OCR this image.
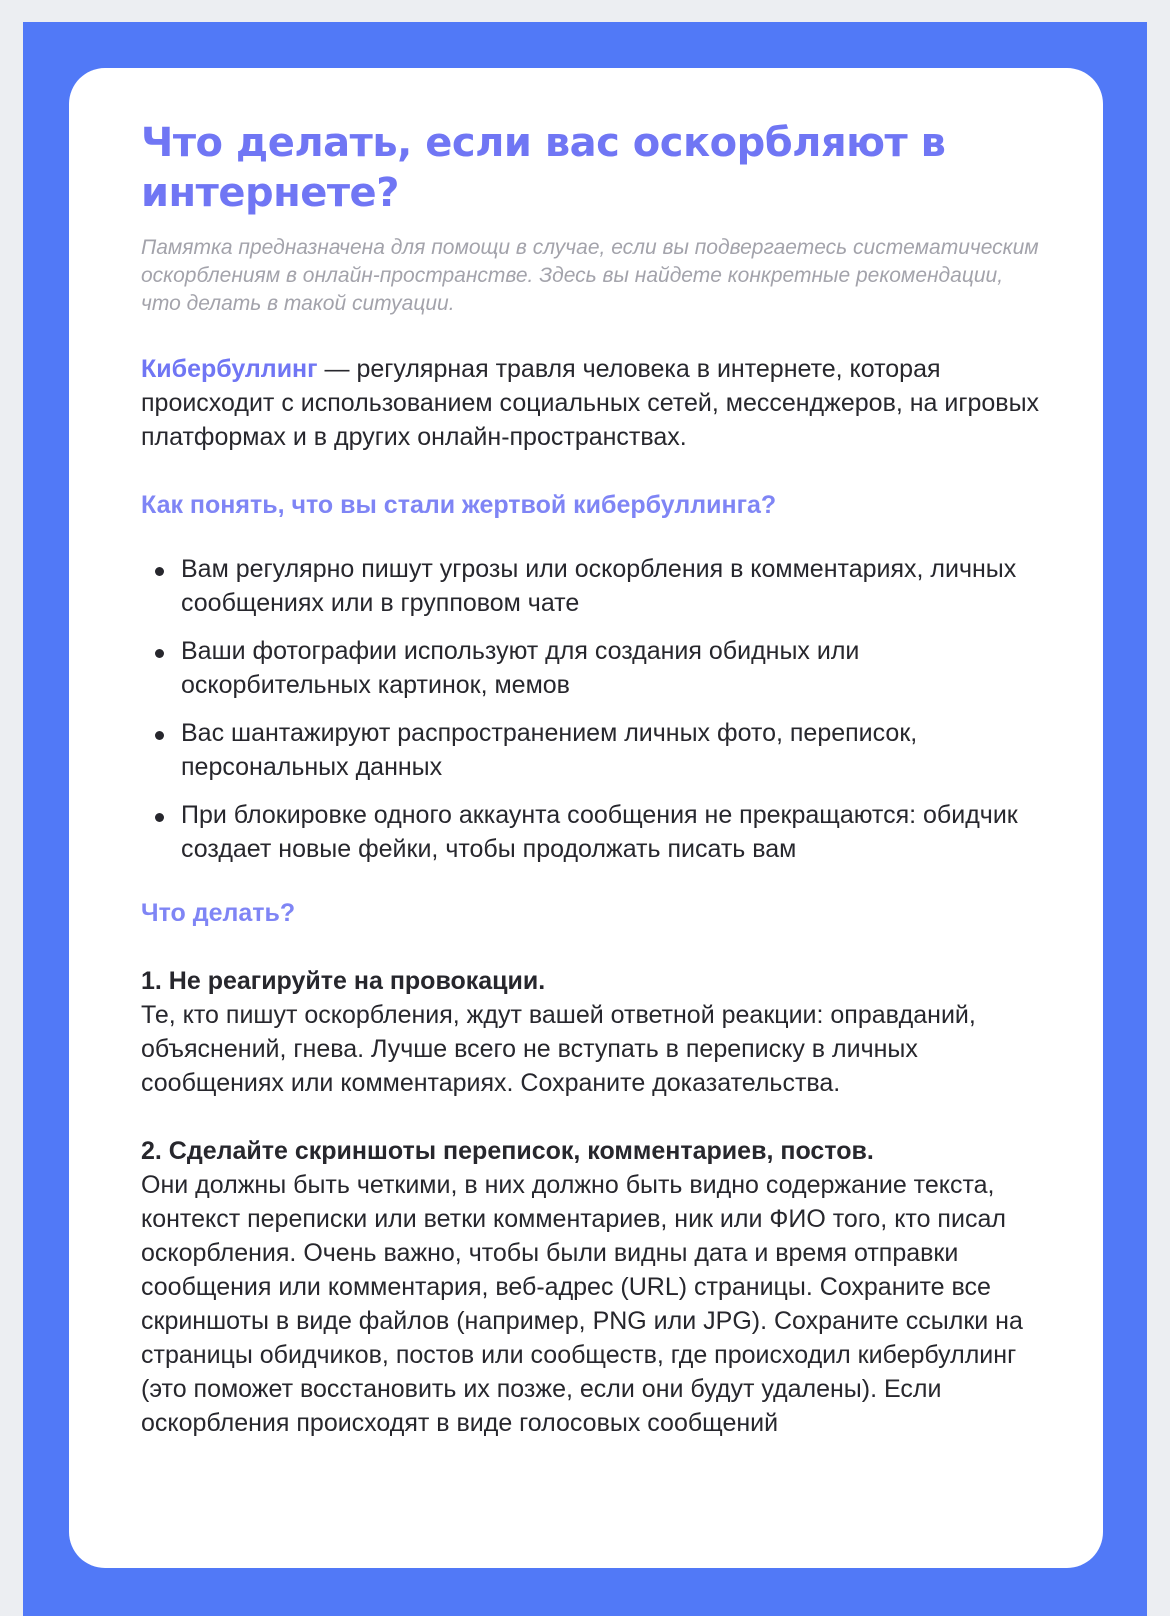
Что делать, если вас оскорбляют в интернете?

Памятка предназначена для помощи в случае, если вы подвергаетесь систематическим оскорблениям в онлайн-пространстве. Здесь вы найдете конкретные рекомендации, что делать в такой ситуации.

Кибербуллинг — регулярная травля человека в интернете, которая происходит с использованием социальных сетей, мессенджеров, на игровых платформах и в других онлайн-пространствах.

Как понять, что вы стали жертвой кибербуллинга?
Вам регулярно пишут угрозы или оскорбления в комментариях, личных сообщениях или в групповом чате
Ваши фотографии используют для создания обидных или оскорбительных картинок, мемов
Вас шантажируют распространением личных фото, переписок, персональных данных
При блокировке одного аккаунта сообщения не прекращаются: обидчик создает новые фейки, чтобы продолжать писать вам
Что делать?

1. Не реагируйте на провокации.

Те, кто пишут оскорбления, ждут вашей ответной реакции: оправданий, объяснений, гнева. Лучше всего не вступать в переписку в личных сообщениях или комментариях. Сохраните доказательства.

2. Сделайте скриншоты переписок, комментариев, постов.

Они должны быть четкими, в них должно быть видно содержание текста, контекст переписки или ветки комментариев, ник или ФИО того, кто писал оскорбления. Очень важно, чтобы были видны дата и время отправки сообщения или комментария, веб-адрес (URL) страницы. Сохраните все скриншоты в виде файлов (например, PNG или JPG). Сохраните ссылки на страницы обидчиков, постов или сообществ, где происходил кибербуллинг (это поможет восстановить их позже, если они будут удалены). Если оскорбления происходят в виде голосовых сообщений
